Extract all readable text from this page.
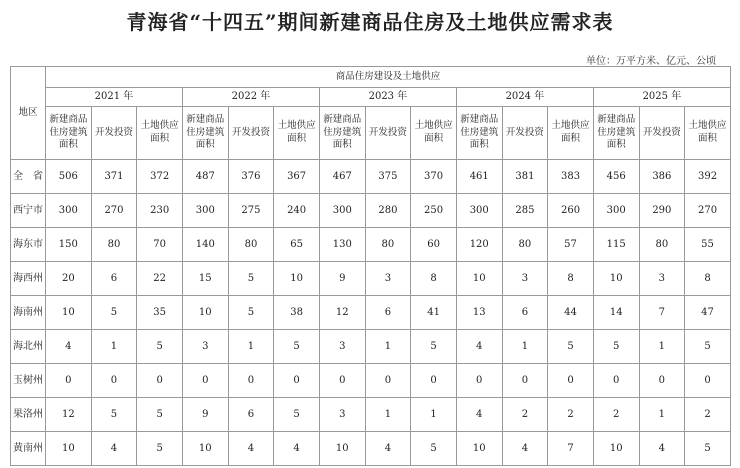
青海省“十四五”期间新建商品住房及土地供应需求表
单位：万平方米、亿元、公顷
地区	商品住房建设及土地供应														
	2021 年			2022 年			2023 年			2024 年			2025 年		
	新建商品住房建筑面积	开发投资	土地供应面积	新建商品住房建筑面积	开发投资	土地供应面积	新建商品住房建筑面积	开发投资	土地供应面积	新建商品住房建筑面积	开发投资	土地供应面积	新建商品住房建筑面积	开发投资	土地供应面积
全　省	506	371	372	487	376	367	467	375	370	461	381	383	456	386	392
西宁市	300	270	230	300	275	240	300	280	250	300	285	260	300	290	270
海东市	150	80	70	140	80	65	130	80	60	120	80	57	115	80	55
海西州	20	6	22	15	5	10	9	3	8	10	3	8	10	3	8
海南州	10	5	35	10	5	38	12	6	41	13	6	44	14	7	47
海北州	4	1	5	3	1	5	3	1	5	4	1	5	5	1	5
玉树州	0	0	0	0	0	0	0	0	0	0	0	0	0	0	0
果洛州	12	5	5	9	6	5	3	1	1	4	2	2	2	1	2
黄南州	10	4	5	10	4	4	10	4	5	10	4	7	10	4	5
